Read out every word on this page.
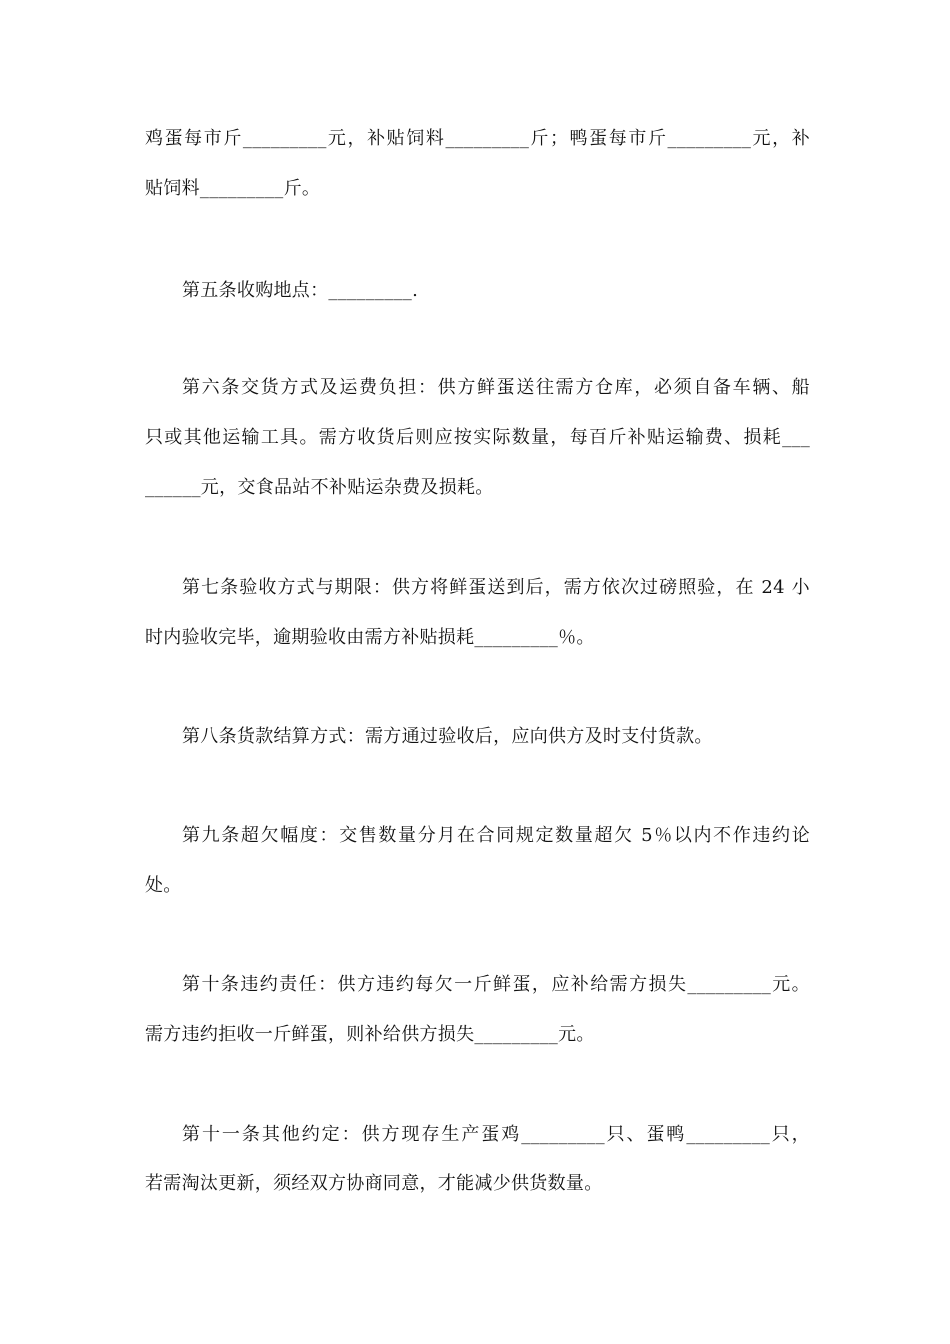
鸡蛋每市斤_________元，补贴饲料_________斤；鸭蛋每市斤_________元，补
贴饲料_________斤。
第五条收购地点：_________.
第六条交货方式及运费负担：供方鲜蛋送往需方仓库，必须自备车辆、船
只或其他运输工具。需方收货后则应按实际数量，每百斤补贴运输费、损耗___
______元，交食品站不补贴运杂费及损耗。
第七条验收方式与期限：供方将鲜蛋送到后，需方依次过磅照验，在 24 小
时内验收完毕，逾期验收由需方补贴损耗_________％。
第八条货款结算方式：需方通过验收后，应向供方及时支付货款。
第九条超欠幅度：交售数量分月在合同规定数量超欠 5％以内不作违约论
处。
第十条违约责任：供方违约每欠一斤鲜蛋，应补给需方损失_________元。
需方违约拒收一斤鲜蛋，则补给供方损失_________元。
第十一条其他约定：供方现存生产蛋鸡_________只、蛋鸭_________只，
若需淘汰更新，须经双方协商同意，才能减少供货数量。
